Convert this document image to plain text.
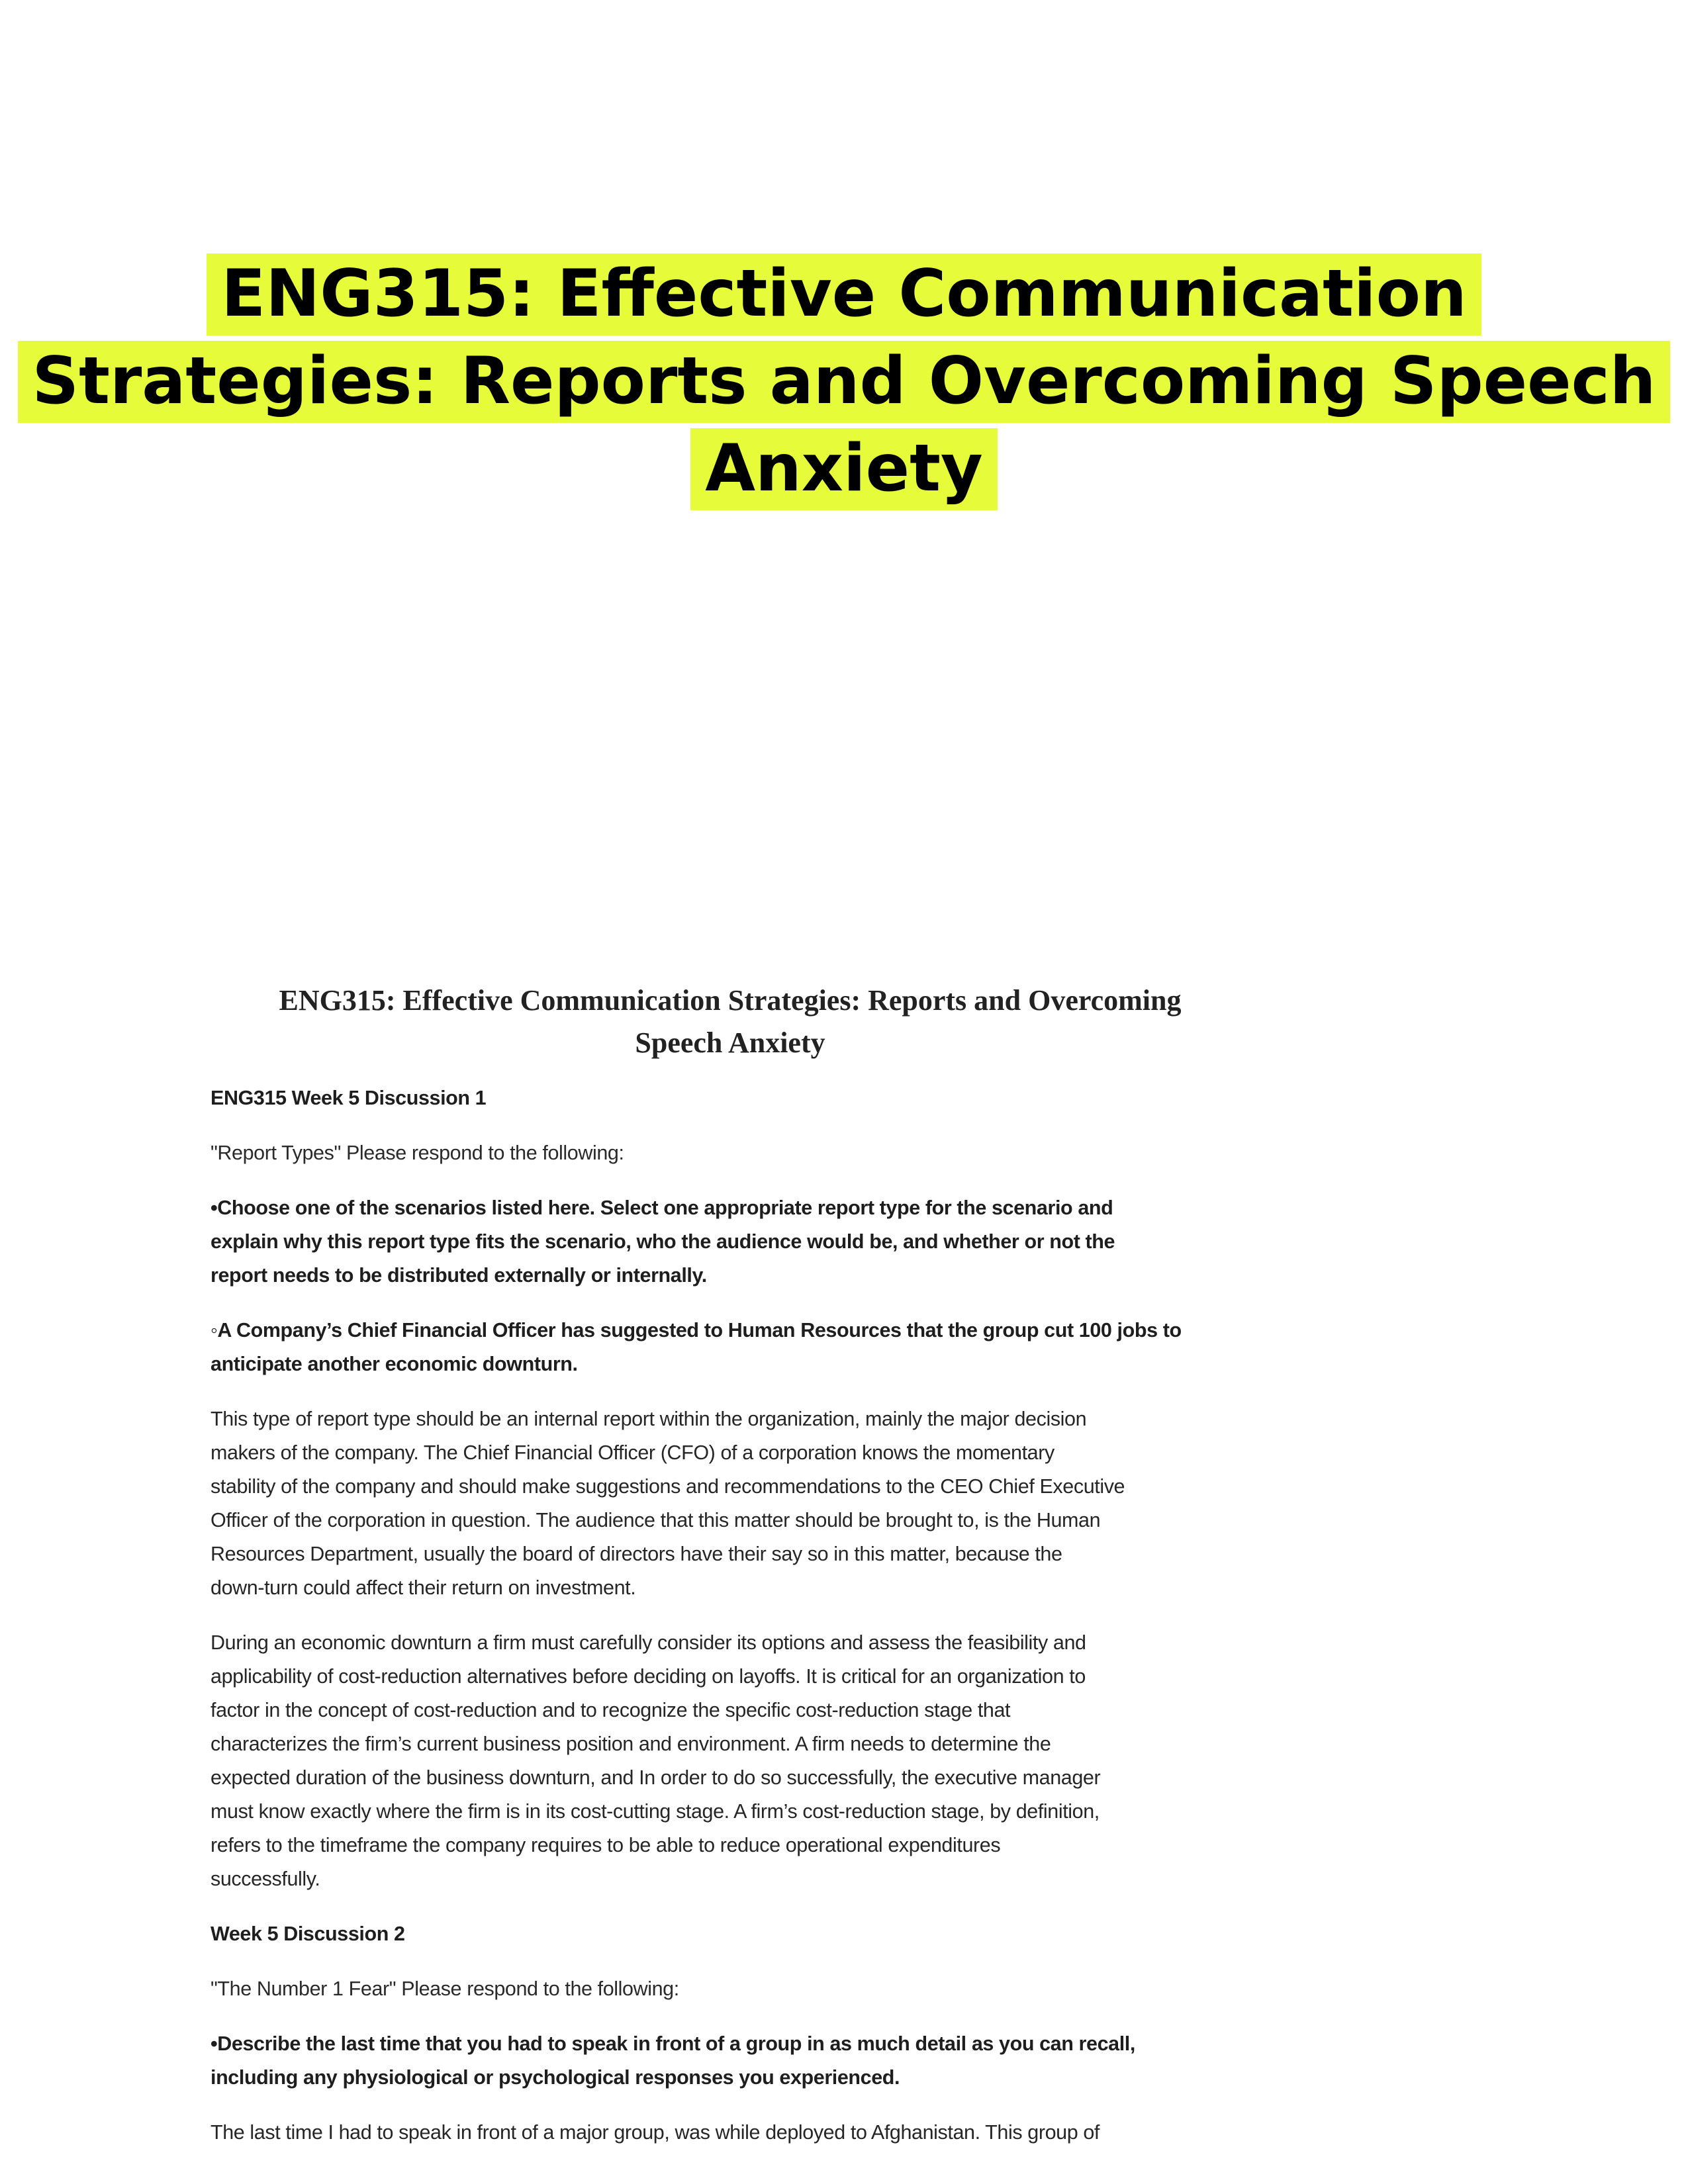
ENG315: Effective Communication
Strategies: Reports and Overcoming Speech
Anxiety
ENG315: Effective Communication Strategies: Reports and Overcoming
Speech Anxiety

ENG315 Week 5 Discussion 1

"Report Types" Please respond to the following:

•Choose one of the scenarios listed here. Select one appropriate report type for the scenario and
explain why this report type fits the scenario, who the audience would be, and whether or not the
report needs to be distributed externally or internally.

◦A Company’s Chief Financial Officer has suggested to Human Resources that the group cut 100 jobs to
anticipate another economic downturn.

This type of report type should be an internal report within the organization, mainly the major decision
makers of the company. The Chief Financial Officer (CFO) of a corporation knows the momentary
stability of the company and should make suggestions and recommendations to the CEO Chief Executive
Officer of the corporation in question. The audience that this matter should be brought to, is the Human
Resources Department, usually the board of directors have their say so in this matter, because the
down-turn could affect their return on investment.

During an economic downturn a firm must carefully consider its options and assess the feasibility and
applicability of cost-reduction alternatives before deciding on layoffs. It is critical for an organization to
factor in the concept of cost-reduction and to recognize the specific cost-reduction stage that
characterizes the firm’s current business position and environment. A firm needs to determine the
expected duration of the business downturn, and In order to do so successfully, the executive manager
must know exactly where the firm is in its cost-cutting stage. A firm’s cost-reduction stage, by definition,
refers to the timeframe the company requires to be able to reduce operational expenditures
successfully.

Week 5 Discussion 2

"The Number 1 Fear" Please respond to the following:

•Describe the last time that you had to speak in front of a group in as much detail as you can recall,
including any physiological or psychological responses you experienced.

The last time I had to speak in front of a major group, was while deployed to Afghanistan. This group of
